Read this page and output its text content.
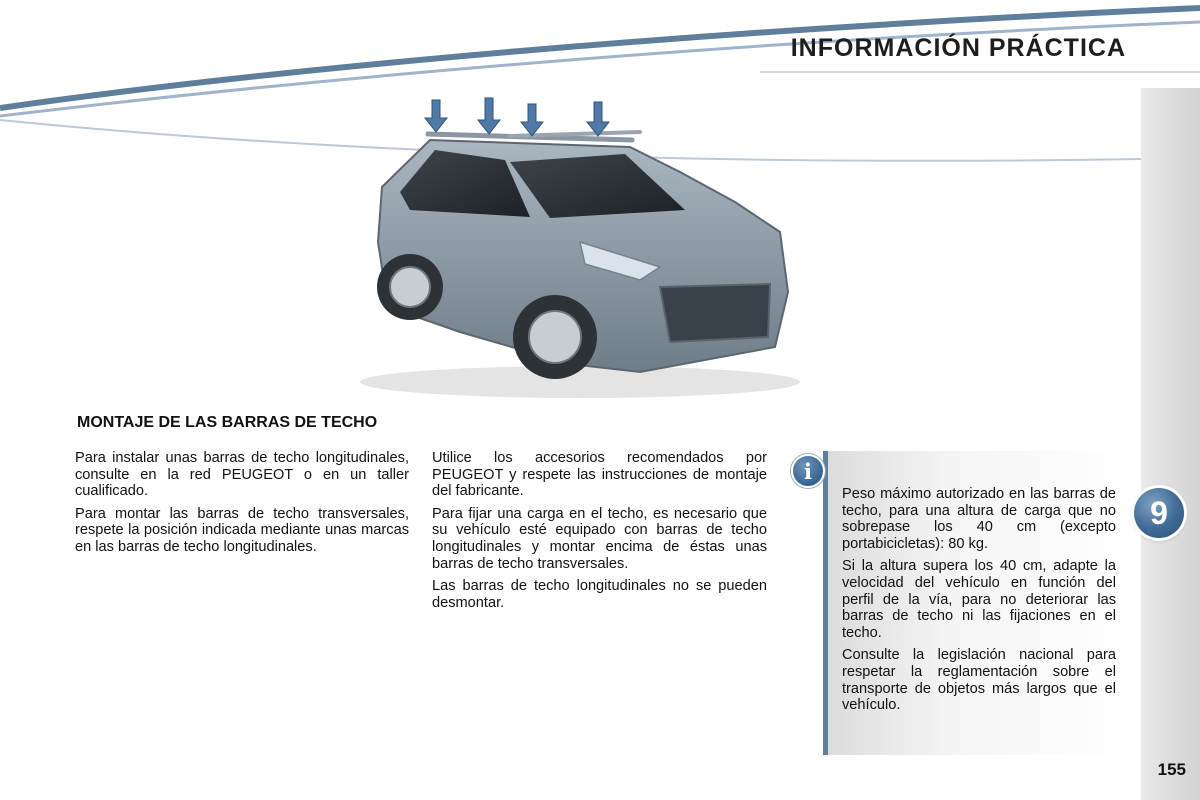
INFORMACIÓN PRÁCTICA
9
MONTAJE DE LAS BARRAS DE TECHO

Para instalar unas barras de techo longitudinales, consulte en la red PEUGEOT o en un taller cualificado.

Para montar las barras de techo transversales, respete la posición indicada mediante unas marcas en las barras de techo longitudinales.

Utilice los accesorios recomendados por PEUGEOT y respete las instrucciones de montaje del fabricante.

Para fijar una carga en el techo, es necesario que su vehículo esté equipado con barras de techo longitudinales y montar encima de éstas unas barras de techo transversales.

Las barras de techo longitudinales no se pueden desmontar.

i

Peso máximo autorizado en las barras de techo, para una altura de carga que no sobrepase los 40 cm (excepto portabicicletas): 80 kg.

Si la altura supera los 40 cm, adapte la velocidad del vehículo en función del perfil de la vía, para no deteriorar las barras de techo ni las fijaciones en el techo.

Consulte la legislación nacional para respetar la reglamentación sobre el transporte de objetos más largos que el vehículo.

155
